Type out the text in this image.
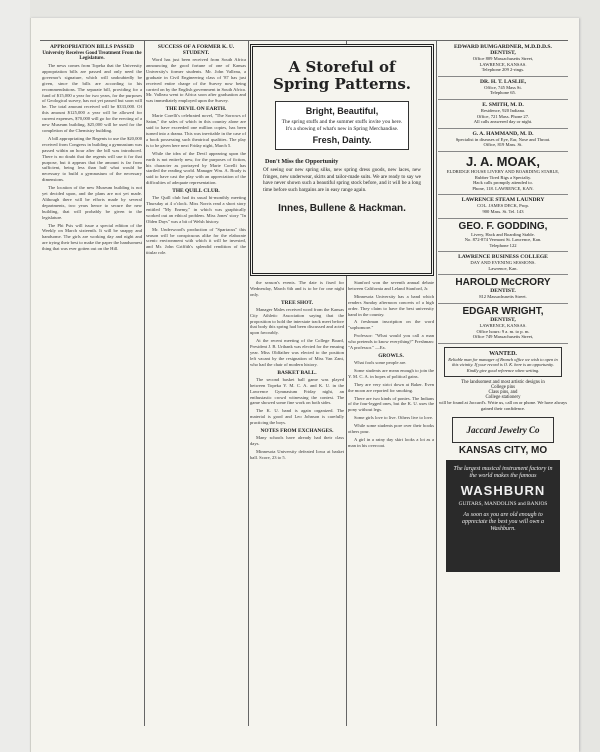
APPROPRIATION BILLS PASSED
University Receives Good Treatment From the Legislature.

The news comes from Topeka that the University appropriation bills are passed and only need the governor's signature, which will undoubtedly be given, since the bills are according to his recommendations. The separate bill, providing for a fund of $15,000 a year for two years, for the purposes of Geological survey, has not yet passed but soon will be. The total amount received will be $333,000. Of this amount $125,000 a year will be allowed for current expenses, $70,000 will go for the erecting of a new Museum building, $25,000 will be used for the completion of the Chemistry building.

A bill appropriating the Regents to use the $20,000 received from Congress in building a gymnasium was passed within an hour after the bill was introduced. There is no doubt that the regents will use it for that purpose, but it appears that the amount is far from sufficient, being less than half what would be necessary to build a gymnasium of the necessary dimensions.

The location of the new Museum building is not yet decided upon, and the plans are not yet made. Although there will be efforts made by several departments, two years hence to secure the new building, that will probably be given to the legislature.

The Phi Psis will issue a special edition of the Weekly on March sixteenth. It will be snappy and handsome. The girls are working day and night and are trying their best to make the paper the handsomest thing that was ever gotten out on the Hill.

SUCCESS OF A FORMER K. U. STUDENT.

Word has just been received from South Africa announcing the good fortune of one of Kansas University's former students. Mr. John Valleau, a graduate in Civil Engineering class of '87 has just received entire charge of the Survey now being carried on by the English government in South Africa. Mr. Valleau went to Africa soon after graduation and was immediately employed upon the Survey.

THE DEVIL ON EARTH.

Marie Corelli's celebrated novel, "The Sorrows of Satan," the sales of which in this country alone are said to have exceeded one million copies, has been turned into a drama. This was inevitable in the case of a book possessing such theatrical qualities. The play is to be given here next Friday night, March 5.

While the idea of the Devil appearing upon the earth is not entirely new, for the purposes of fiction, his character as portrayed by Marie Corelli has startled the reading world. Manager Wm. A. Brady is said to have cast the play with an appreciation of the difficulties of adequate representation.

THE QUILL CLUB.

The Quill club had its usual bi-monthly meeting Thursday at 4 o'clock. Miss Norris read a short story entitled "My Enemy," in which was graphically worked out an ethical problem. Miss Jones' story "In Olden Days" was a bit of Welsh history.

Mr. Underwood's production of "Spartacus" this season will be conspicuous alike for the elaborate scenic environment with which it will be invested, and Mr. John Griffith's splendid rendition of the titular role.

A Storeful of Spring Patterns.
Bright, Beautiful,
The spring stuffs and the summer stuffs invite you here. It's a showing of what's new in Spring Merchandise.
Fresh, Dainty.
Don't Miss the Opportunity
Of seeing our new spring silks, new spring dress goods, new laces, new fringes, new underwear, skirts and tailor-made suits. We are ready to say we have never shown such a beautiful spring stock before, and it will be a long time before such bargains are in easy range again.
Innes, Bullene & Hackman.

the season's events. The date is fixed for Wednesday, March 6th and is to be for one night only.

TREE SHOT.

Manager Males received word from the Kansas City Athletic Association saying that the proposition to hold the interstate track meet before that body this spring had been discussed and acted upon favorably.

At the recent meeting of the College Board, President J. B. Urthank was elected for the ensuing year. Miss Oldfather was elected to the position left vacant by the resignation of Miss Van Zant, who had the chair of modern history.

BASKET BALL.

The second basket ball game was played between Topeka Y. M. C. A. and K. U. in the Lawrence Gymnasium Friday night, an enthusiastic crowd witnessing the contest. The game showed some fine work on both sides.

The K. U. band is again organized. The material is good and Leo Johnson is carefully practicing the boys.

NOTES FROM EXCHANGES.

Many schools have already had their class days.

Minnesota University defeated Iowa at basket ball. Score, 23 to 5.

Stanford won the seventh annual debate between California and Leland Stanford, Jr.

Minnesota University has a band which renders Sunday afternoon concerts of a high order. They claim to have the best university band in the country.

A freshman inscription on the word "sophomore."

Professor: "What would you call a man who pretends to know everything?" Freshman: "A professor." —Ex.

GROWLS.

What fools some people are.

Some students are mean enough to join the Y. M. C. A. in hopes of political gains.

They are very strict down at Baker. Even the moon are reported for smoking.

There are two kinds of ponies. The Indians of the four-legged ones, but the K. U. uses the pony without legs.

Some girls love to live. Others live to love.

While some students pore over their books others pour.

A girl in a rainy day skirt looks a lot as a man in his overcoat.

EDWARD BUMGARDNER, M.D.D.D.S.
DENTIST,
Office 809 Massachusetts Street,
LAWRENCE, KANSAS.
Telephone 209 2-rings.
DR. H. T. LASLIE,
Office, 745 Mass St.
Telephone 65.
E. SMITH, M. D.
Residence, 920 Indiana.
Office, 721 Mass. Phone 27.
All calls answered day or night.
G. A. HAMMAND, M. D.
Specialist in diseases of Eye, Ear, Nose and Throat.
Office, 819 Mass. St.
J. A. MOAK,
ELDRIDGE HOUSE LIVERY AND BOARDING STABLE,
Rubber Tired Rigs a Specialty.
Hack calls promptly attended to.
Phone, 118. LAWRENCE, KAN.
LAWRENCE STEAM LAUNDRY
COL. JAMES DECK, Prop.
900 Mass. St. Tel. 143
GEO. F. GODDING,
Livery, Hack and Boarding Stable.
No. 872-874 Vermont St. Lawrence, Kan.
Telephone 122
LAWRENCE BUSINESS COLLEGE
DAY AND EVENING SESSIONS.
Lawrence, Kan.
HAROLD McCRORY
DENTIST.
812 Massachusetts Street.
EDGAR WRIGHT,
DENTIST,
LAWRENCE, KANSAS.
Office hours: 9 a. m. to p. m.
Office 749 Massachusetts Street,
WANTED.
Reliable man for manager of Branch office we wish to open in this vicinity. If your record is O. K. here is an opportunity. Kindly give good reference when writing.
The landsomest and most artistic designs in
College pins
Class pins, and
College stationery
will be found at Jaccard's. Write us, call on or phone. We have always gained their confidence.
Jaccard Jewelry Co
KANSAS CITY, MO
The largest musical instrument factory in the world makes the famous
WASHBURN
GUITARS, MANDOLINS and BANJOS
As soon as you are old enough to appreciate the best you will own a Washburn.
